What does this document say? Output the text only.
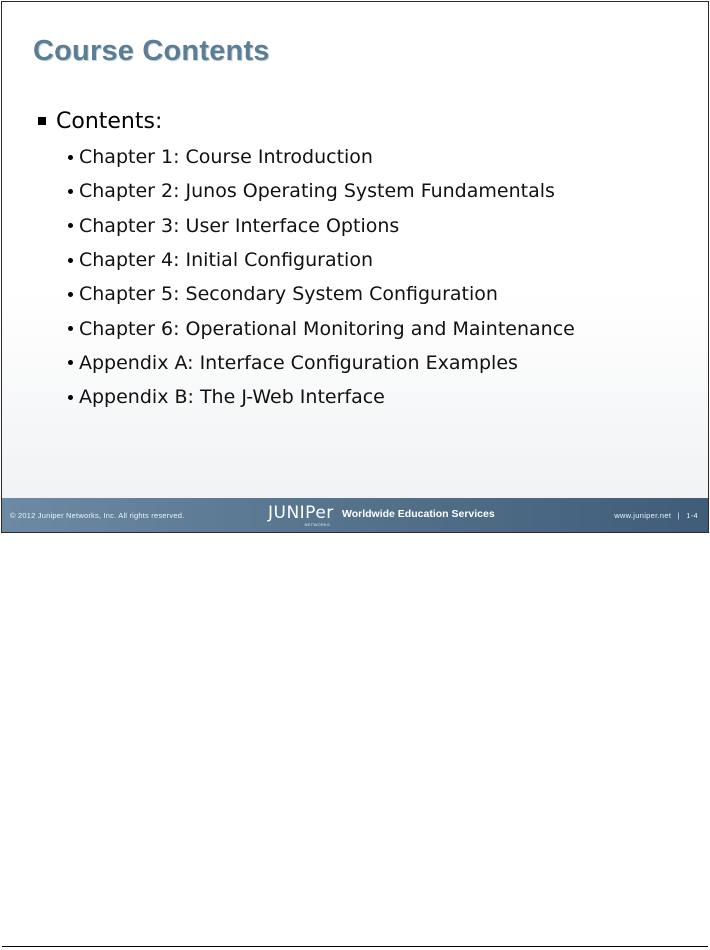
Course Contents
Contents:
Chapter 1: Course Introduction
Chapter 2: Junos Operating System Fundamentals
Chapter 3: User Interface Options
Chapter 4: Initial Configuration
Chapter 5: Secondary System Configuration
Chapter 6: Operational Monitoring and Maintenance
Appendix A: Interface Configuration Examples
Appendix B: The J-Web Interface
© 2012 Juniper Networks, Inc. All rights reserved.	JUNIPer
NETWORKS
Worldwide Education Services	www.juniper.net | 1-4
